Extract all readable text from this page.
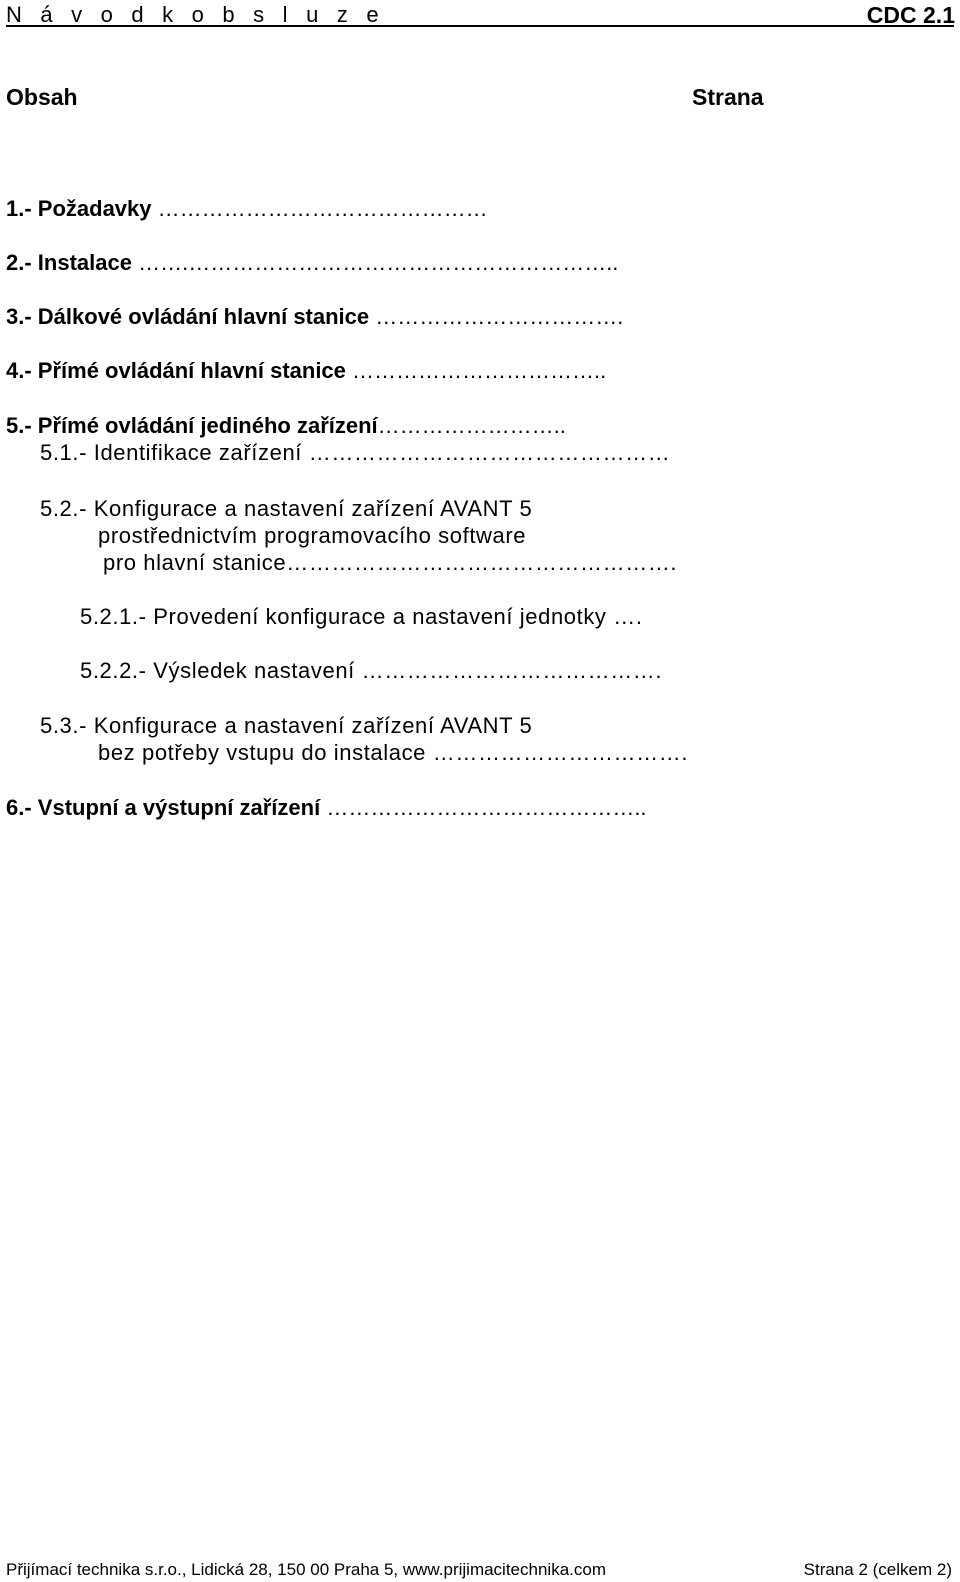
N á v o d k o b s l u z e	CDC 2.1
Obsah	Strana
1.- Požadavky ………………………………………
2.- Instalace …….…………………………………………………..
3.- Dálkové ovládání hlavní stanice …………………………….
4.- Přímé ovládání hlavní stanice ……………………………..
5.- Přímé ovládání jediného zařízení……………………..
5.1.- Identifikace zařízení …………………………………………
5.2.- Konfigurace a nastavení zařízení AVANT 5
prostřednictvím programovacího software
pro hlavní stanice…………………………………………….
5.2.1.- Provedení konfigurace a nastavení jednotky ….
5.2.2.- Výsledek nastavení ………………………………….
5.3.- Konfigurace a nastavení zařízení AVANT 5
bez potřeby vstupu do instalace …………………………….
6.- Vstupní a výstupní zařízení ……………………………………..
Přijímací technika s.r.o., Lidická 28, 150 00 Praha 5, www.prijimacitechnika.com	Strana 2 (celkem 2)
